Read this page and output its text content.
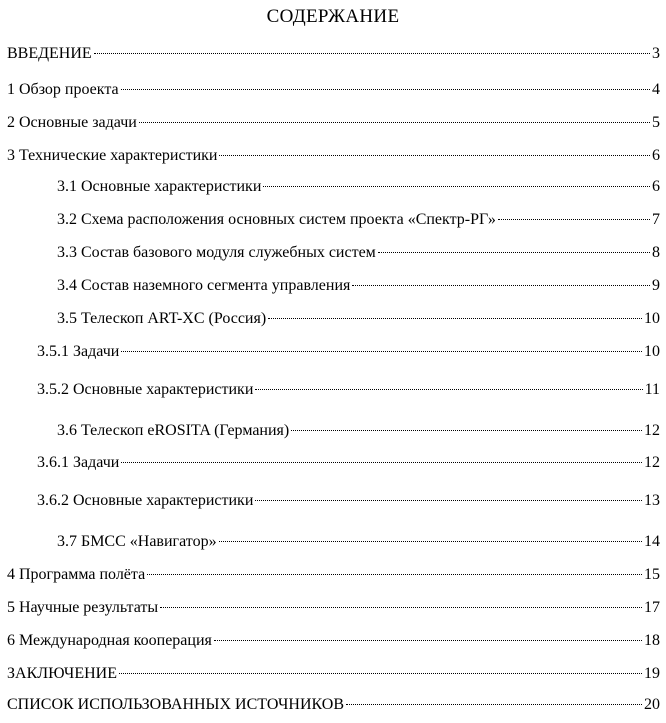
СОДЕРЖАНИЕ
ВВЕДЕНИЕ	3
1 Обзор проекта	4
2 Основные задачи	5
3 Технические характеристики	6
3.1 Основные характеристики	6
3.2 Схема расположения основных систем проекта «Спектр-РГ»	7
3.3 Состав базового модуля служебных систем	8
3.4 Состав наземного сегмента управления	9
3.5 Телескоп ART-XC (Россия)	10
3.5.1 Задачи	10
3.5.2 Основные характеристики	11
3.6 Телескоп eROSITA (Германия)	12
3.6.1 Задачи	12
3.6.2 Основные характеристики	13
3.7 БМСС «Навигатор»	14
4 Программа полёта	15
5 Научные результаты	17
6 Международная кооперация	18
ЗАКЛЮЧЕНИЕ	19
СПИСОК ИСПОЛЬЗОВАННЫХ ИСТОЧНИКОВ	20
